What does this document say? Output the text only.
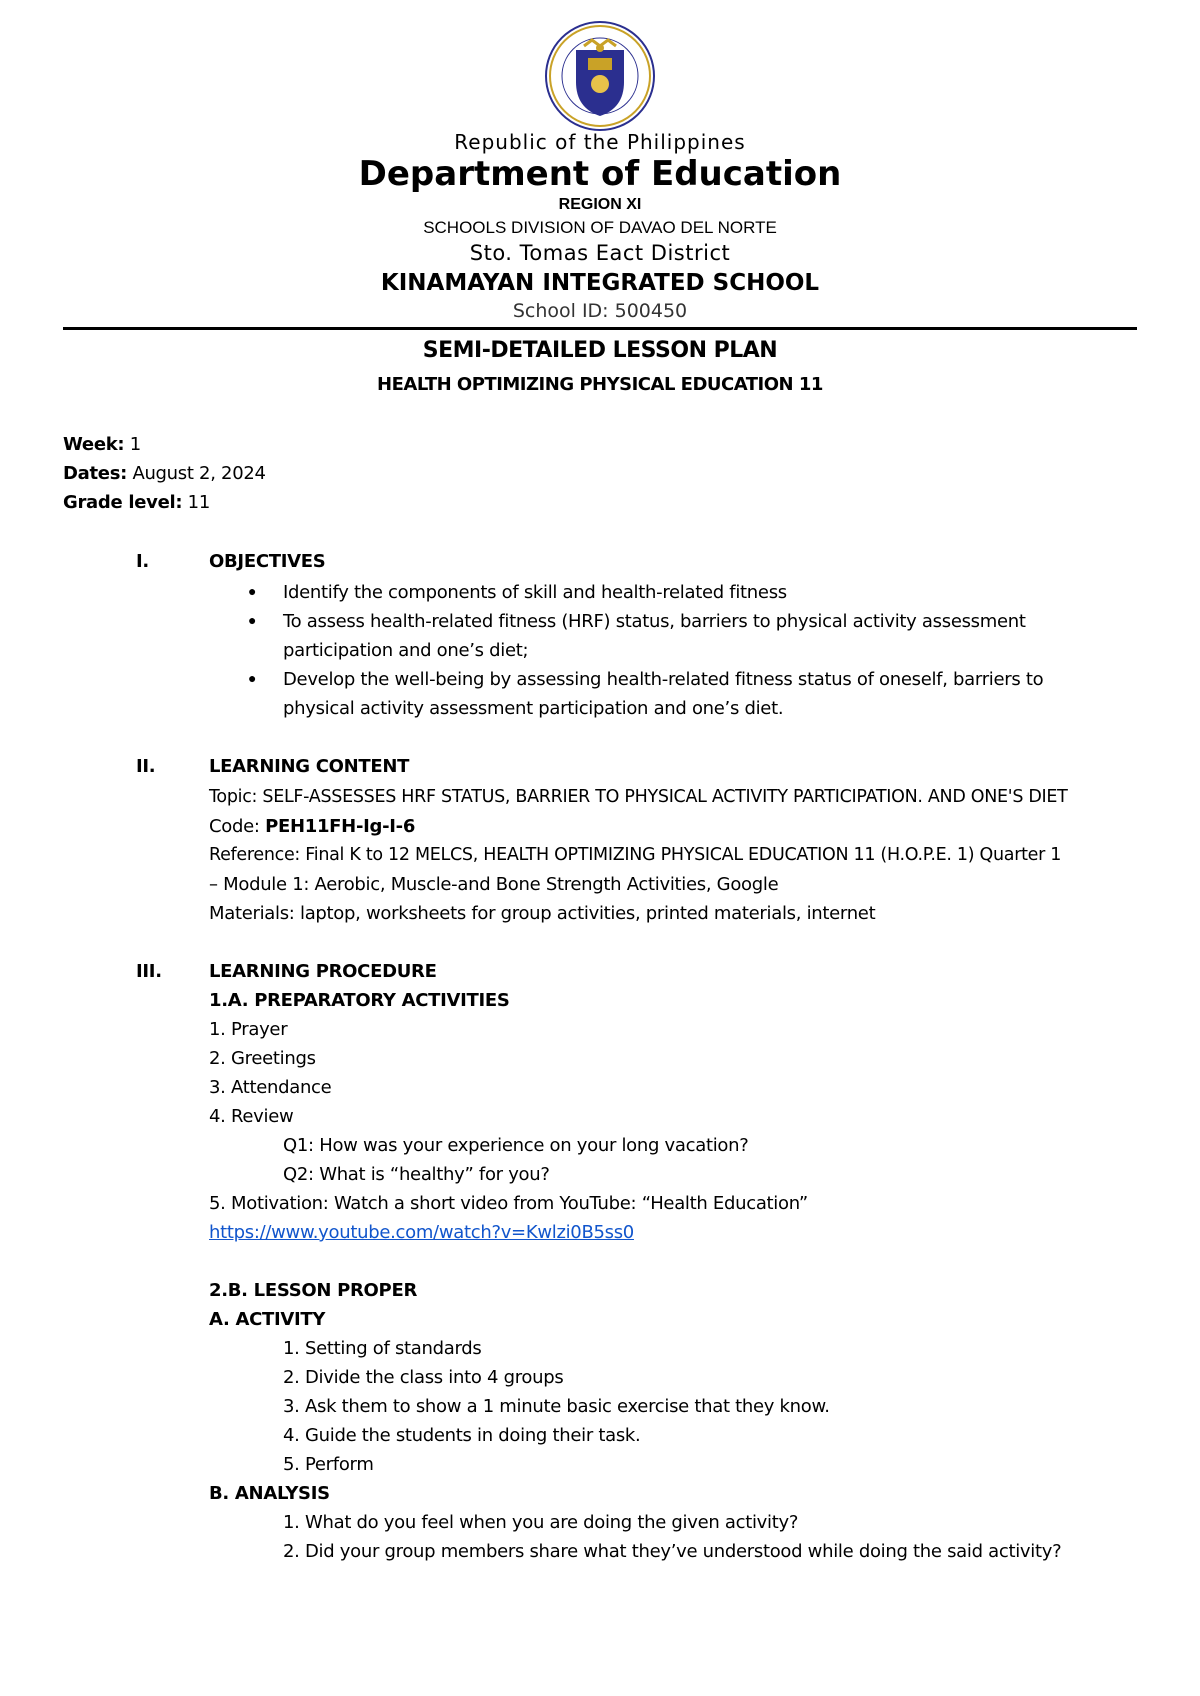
Republic of the Philippines
Department of Education
REGION XI
SCHOOLS DIVISION OF DAVAO DEL NORTE
Sto. Tomas Eact District
KINAMAYAN INTEGRATED SCHOOL
School ID: 500450
SEMI-DETAILED LESSON PLAN
HEALTH OPTIMIZING PHYSICAL EDUCATION 11
Week: 1
Dates: August 2, 2024
Grade level: 11
I.	OBJECTIVES
● Identify the components of skill and health-related fitness
● To assess health-related fitness (HRF) status, barriers to physical activity assessment
participation and one’s diet;
● Develop the well-being by assessing health-related fitness status of oneself, barriers to
physical activity assessment participation and one’s diet.
II.	LEARNING CONTENT
Topic: SELF-ASSESSES HRF STATUS, BARRIER TO PHYSICAL ACTIVITY PARTICIPATION. AND ONE'S DIET
Code: PEH11FH-Ig-I-6
Reference: Final K to 12 MELCS, HEALTH OPTIMIZING PHYSICAL EDUCATION 11 (H.O.P.E. 1) Quarter 1
– Module 1: Aerobic, Muscle-and Bone Strength Activities, Google
Materials: laptop, worksheets for group activities, printed materials, internet
III.	LEARNING PROCEDURE
1.A. PREPARATORY ACTIVITIES
1. Prayer
2. Greetings
3. Attendance
4. Review
Q1: How was your experience on your long vacation?
Q2: What is “healthy” for you?
5. Motivation: Watch a short video from YouTube: “Health Education”
https://www.youtube.com/watch?v=Kwlzi0B5ss0
2.B. LESSON PROPER
A. ACTIVITY
1. Setting of standards
2. Divide the class into 4 groups
3. Ask them to show a 1 minute basic exercise that they know.
4. Guide the students in doing their task.
5. Perform
B. ANALYSIS
1. What do you feel when you are doing the given activity?
2. Did your group members share what they’ve understood while doing the said activity?
